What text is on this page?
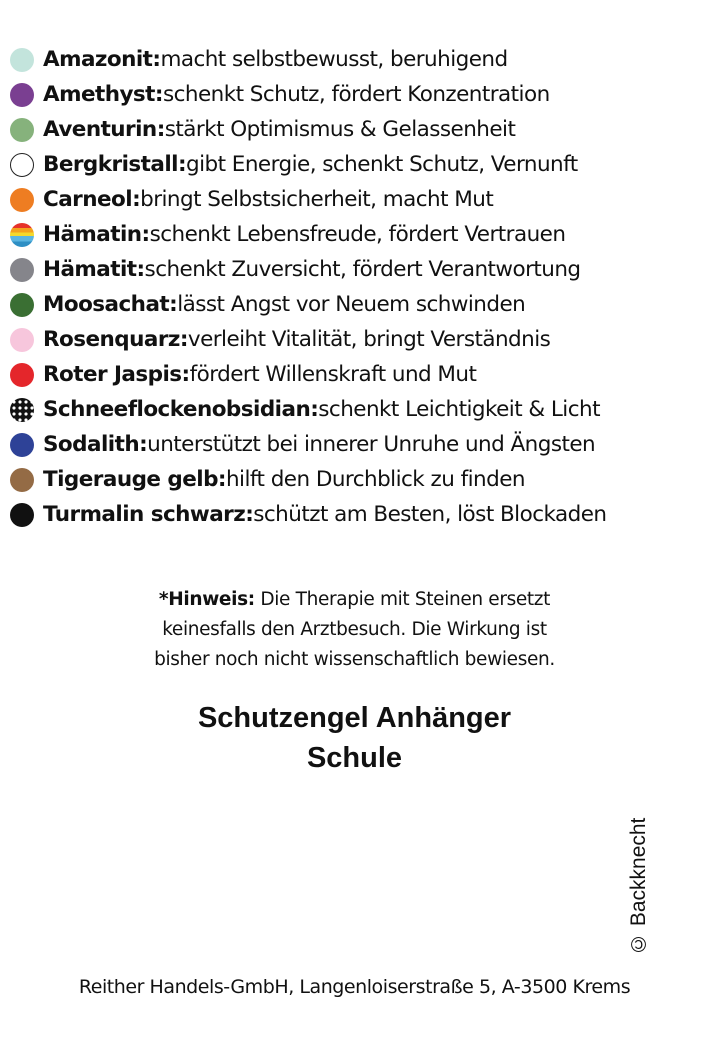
Amazonit: macht selbstbewusst, beruhigend
Amethyst: schenkt Schutz, fördert Konzentration
Aventurin: stärkt Optimismus & Gelassenheit
Bergkristall: gibt Energie, schenkt Schutz, Vernunft
Carneol: bringt Selbstsicherheit, macht Mut
Hämatin: schenkt Lebensfreude, fördert Vertrauen
Hämatit: schenkt Zuversicht, fördert Verantwortung
Moosachat: lässt Angst vor Neuem schwinden
Rosenquarz: verleiht Vitalität, bringt Verständnis
Roter Jaspis: fördert Willenskraft und Mut
Schneeflockenobsidian: schenkt Leichtigkeit & Licht
Sodalith: unterstützt bei innerer Unruhe und Ängsten
Tigerauge gelb: hilft den Durchblick zu finden
Turmalin schwarz: schützt am Besten, löst Blockaden
*Hinweis: Die Therapie mit Steinen ersetzt
keinesfalls den Arztbesuch. Die Wirkung ist
bisher noch nicht wissenschaftlich bewiesen.
Schutzengel Anhänger
Schule
© Backknecht
Reither Handels-GmbH, Langenloiserstraße 5, A-3500 Krems
